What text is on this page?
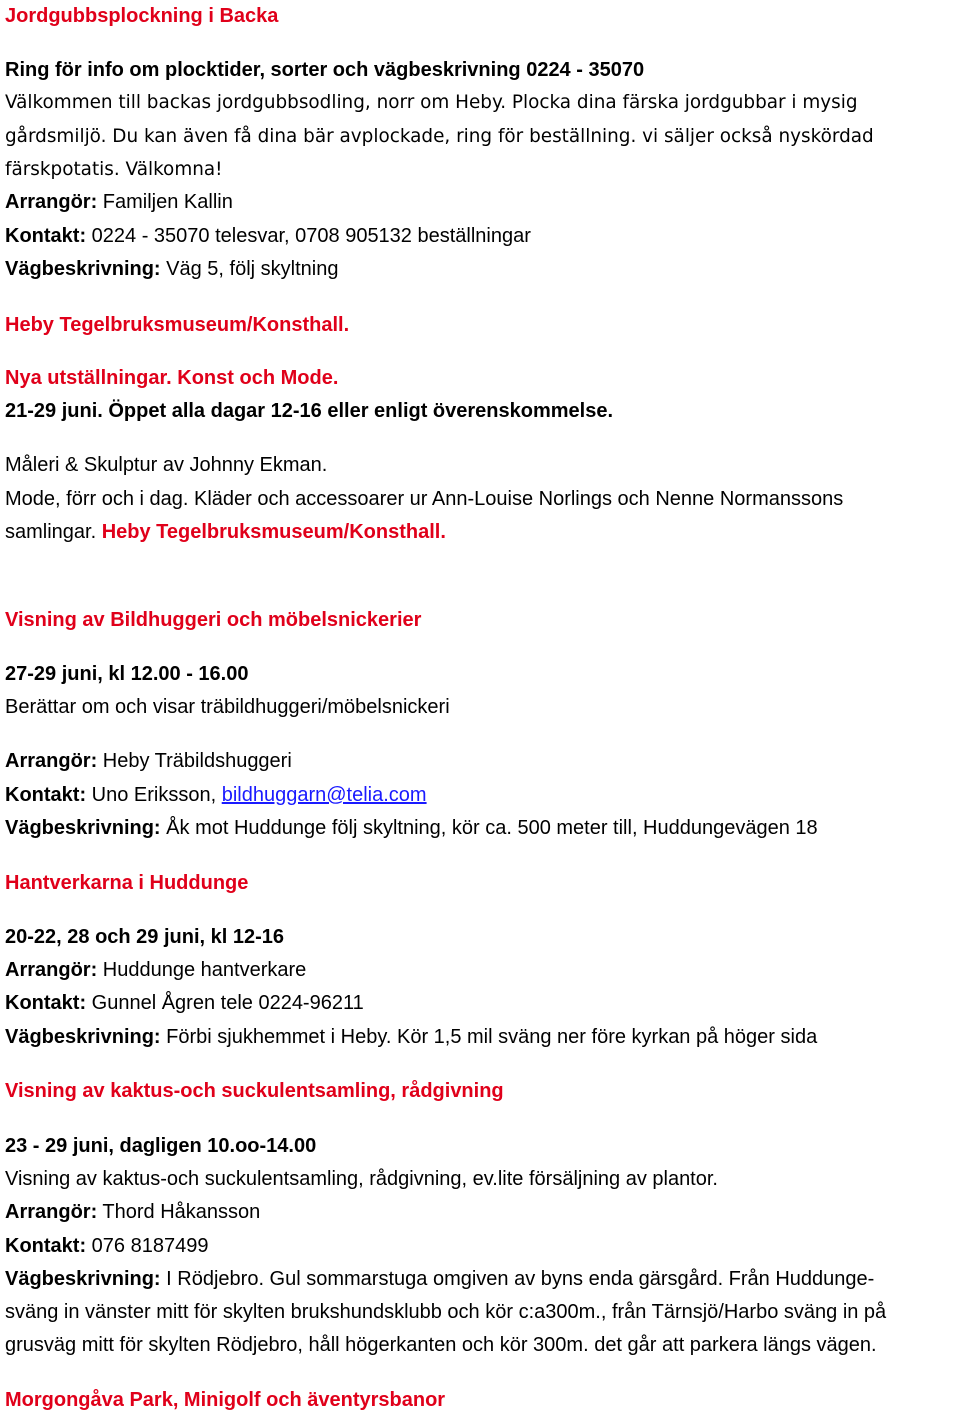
Jordgubbsplockning i Backa
Ring för info om plocktider, sorter och vägbeskrivning 0224 - 35070
Välkommen till backas jordgubbsodling, norr om Heby. Plocka dina färska jordgubbar i mysig
gårdsmiljö. Du kan även få dina bär avplockade, ring för beställning. vi säljer också nyskördad
färskpotatis. Välkomna!
Arrangör: Familjen Kallin
Kontakt: 0224 - 35070 telesvar, 0708 905132 beställningar
Vägbeskrivning: Väg 5, följ skyltning
Heby Tegelbruksmuseum/Konsthall.
Nya utställningar. Konst och Mode.
21-29 juni. Öppet alla dagar 12-16 eller enligt överenskommelse.
Måleri & Skulptur av Johnny Ekman.
Mode, förr och i dag. Kläder och accessoarer ur Ann-Louise Norlings och Nenne Normanssons
samlingar. Heby Tegelbruksmuseum/Konsthall.
Visning av Bildhuggeri och möbelsnickerier
27-29 juni, kl 12.00 - 16.00
Berättar om och visar träbildhuggeri/möbelsnickeri
Arrangör: Heby Träbildshuggeri
Kontakt: Uno Eriksson, bildhuggarn@telia.com
Vägbeskrivning: Åk mot Huddunge följ skyltning, kör ca. 500 meter till, Huddungevägen 18
Hantverkarna i Huddunge
20-22, 28 och 29 juni, kl 12-16
Arrangör: Huddunge hantverkare
Kontakt: Gunnel Ågren tele 0224-96211
Vägbeskrivning: Förbi sjukhemmet i Heby. Kör 1,5 mil sväng ner före kyrkan på höger sida
Visning av kaktus-och suckulentsamling, rådgivning
23 - 29 juni, dagligen 10.oo-14.00
Visning av kaktus-och suckulentsamling, rådgivning, ev.lite försäljning av plantor.
Arrangör: Thord Håkansson
Kontakt: 076 8187499
Vägbeskrivning: I Rödjebro. Gul sommarstuga omgiven av byns enda gärsgård. Från Huddunge-
sväng in vänster mitt för skylten brukshundsklubb och kör c:a300m., från Tärnsjö/Harbo sväng in på
grusväg mitt för skylten Rödjebro, håll högerkanten och kör 300m. det går att parkera längs vägen.
Morgongåva Park, Minigolf och äventyrsbanor
